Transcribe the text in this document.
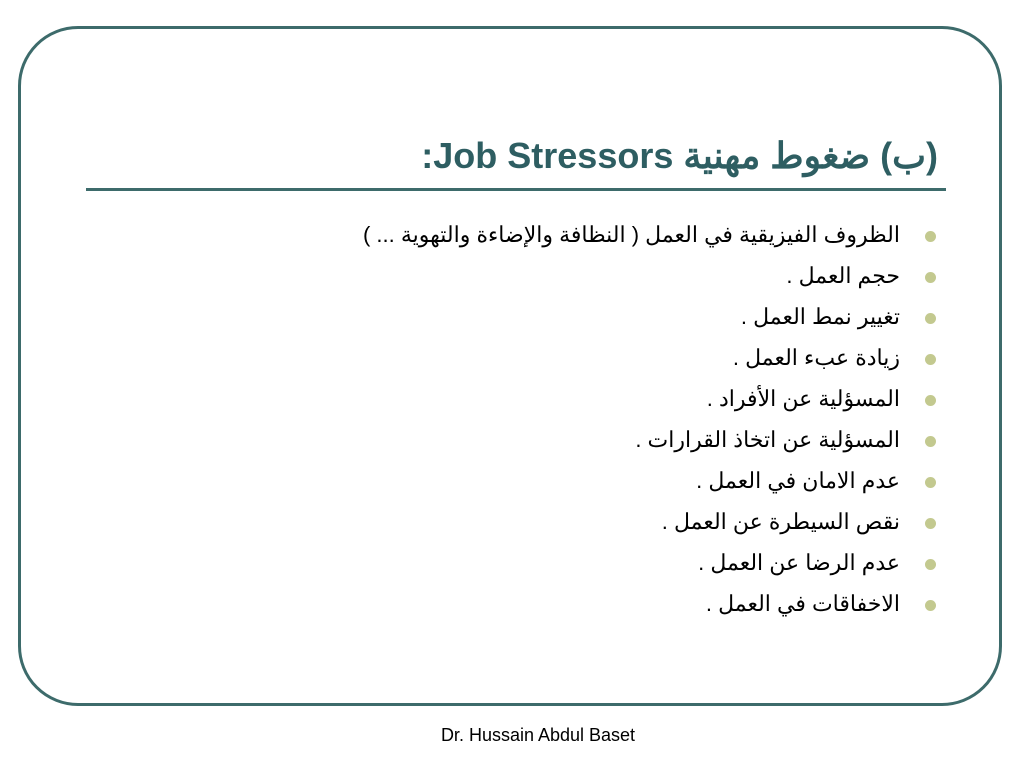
(ب) ضغوط مهنية :Job Stressors
الظروف الفيزيقية في العمل ( النظافة والإضاءة والتهوية ... )
حجم العمل .
تغيير نمط العمل .
زيادة عبء العمل .
المسؤلية عن الأفراد .
المسؤلية عن اتخاذ القرارات .
عدم الامان في العمل .
نقص السيطرة عن العمل .
عدم الرضا عن العمل .
الاخفاقات في العمل .
Dr. Hussain Abdul Baset
